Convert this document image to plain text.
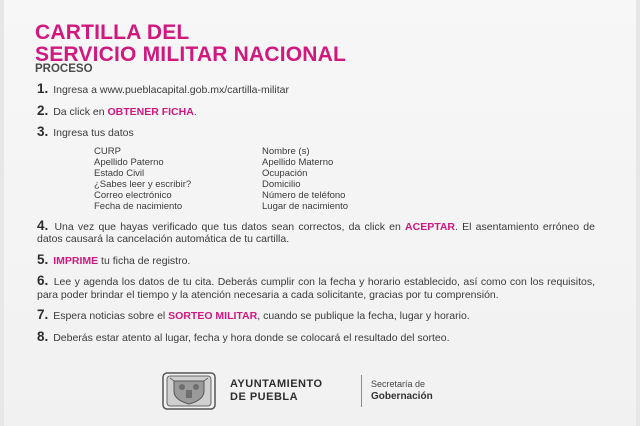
CARTILLA DEL
SERVICIO MILITAR NACIONAL
PROCESO
1. Ingresa a www.pueblacapital.gob.mx/cartilla-militar
2. Da click en OBTENER FICHA.
3. Ingresa tus datos
CURP	Nombre (s)
Apellido Paterno	Apellido Materno
Estado Civil	Ocupación
¿Sabes leer y escribir?	Domicilio
Correo electrónico	Número de teléfono
Fecha de nacimiento	Lugar de nacimiento
4. Una vez que hayas verificado que tus datos sean correctos, da click en ACEPTAR. El asentamiento erróneo de datos causará la cancelación automática de tu cartilla.
5. IMPRIME tu ficha de registro.
6. Lee y agenda los datos de tu cita. Deberás cumplir con la fecha y horario establecido, así como con los requisitos, para poder brindar el tiempo y la atención necesaria a cada solicitante, gracias por tu comprensión.
7. Espera noticias sobre el SORTEO MILITAR, cuando se publique la fecha, lugar y horario.
8. Deberás estar atento al lugar, fecha y hora donde se colocará el resultado del sorteo.
AYUNTAMIENTO
DE PUEBLA
Secretaría de
Gobernación
